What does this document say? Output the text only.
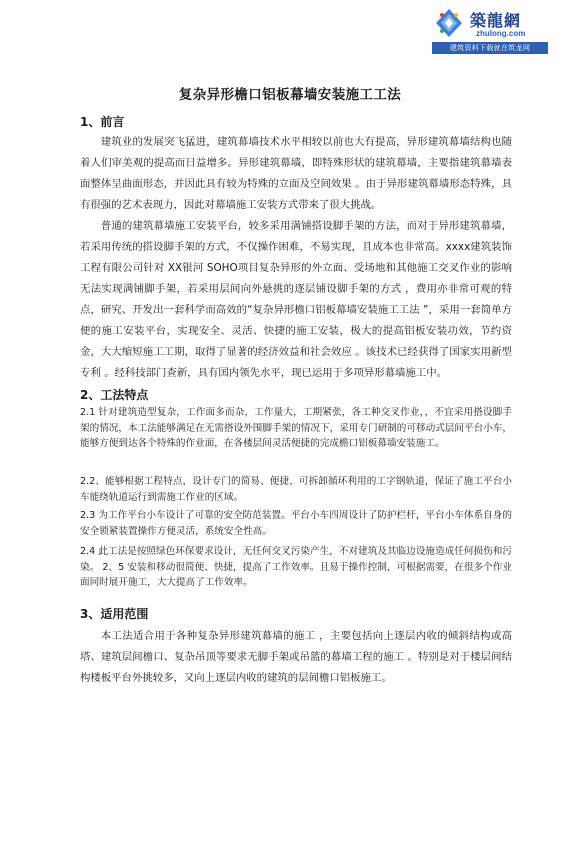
築龍網
zhulong.com
建筑资料下载就在筑龙网
复杂异形檐口铝板幕墙安装施工工法
1、前言

建筑业的发展突飞猛进，建筑幕墙技术水平相较以前也大有提高，异形建筑幕墙结构也随着人们审美观的提高而日益增多。异形建筑幕墙，即特殊形状的建筑幕墙，主要指建筑幕墙表面整体呈曲面形态，并因此具有较为特殊的立面及空间效果 。由于异形建筑幕墙形态特殊，具有很强的艺术表现力，因此对幕墙施工安装方式带来了很大挑战。

普通的建筑幕墙施工安装平台，较多采用满铺搭设脚手架的方法，而对于异形建筑幕墙，若采用传统的搭设脚手架的方式，不仅操作困难，不易实现，且成本也非常高。xxxx建筑装饰工程有限公司针对 XX银河 SOHO项目复杂异形的外立面、受场地和其他施工交叉作业的影响无法实现满铺脚手架，若采用层间向外悬挑的逐层铺设脚手架的方式 ，费用亦非常可观的特点，研究、开发出一套科学而高效的“复杂异形檐口铝板幕墙安装施工工法 ”，采用一套简单方便的施工安装平台，实现安全、灵活、快捷的施工安装，极大的提高铝板安装功效，节约资金，大大缩短施工工期，取得了显著的经济效益和社会效应 。该技术已经获得了国家实用新型专利 。经科技部门查新，具有国内领先水平，现已运用于多项异形幕墙施工中。

2、工法特点

2.1 针对建筑造型复杂，工作面多而杂，工作量大，工期紧张，各工种交叉作业，，不宜采用搭设脚手架的情况，本工法能够满足在无需搭设外围脚手架的情况下，采用专门研制的可移动式层间平台小车，能够方便到达各个特殊的作业面，在各楼层间灵活便捷的完成檐口铝板幕墙安装施工。

2.2、能够根据工程特点，设计专门的简易、便捷、可拆卸循环利用的工字钢轨道，保证了施工平台小车能绕轨道运行到需施工作业的区域。

2.3 为工作平台小车设计了可靠的安全防范装置。平台小车四周设计了防护栏杆，平台小车体系自身的安全锁紧装置操作方便灵活，系统安全性高。

2.4 此工法是按照绿色环保要求设计，无任何交叉污染产生，不对建筑及其临边设施造成任何损伤和污染。 2、5 安装和移动很简便、快捷，提高了工作效率。且易于操作控制，可根据需要，在很多个作业面同时展开施工，大大提高了工作效率。

3、适用范围

本工法适合用于各种复杂异形建筑幕墙的施工 ，主要包括向上逐层内收的倾斜结构或高塔、建筑层间檐口、复杂吊顶等要求无脚手架或吊篮的幕墙工程的施工 。特别是对于楼层间结构楼板平台外挑较多，又向上逐层内收的建筑的层间檐口铝板施工。
